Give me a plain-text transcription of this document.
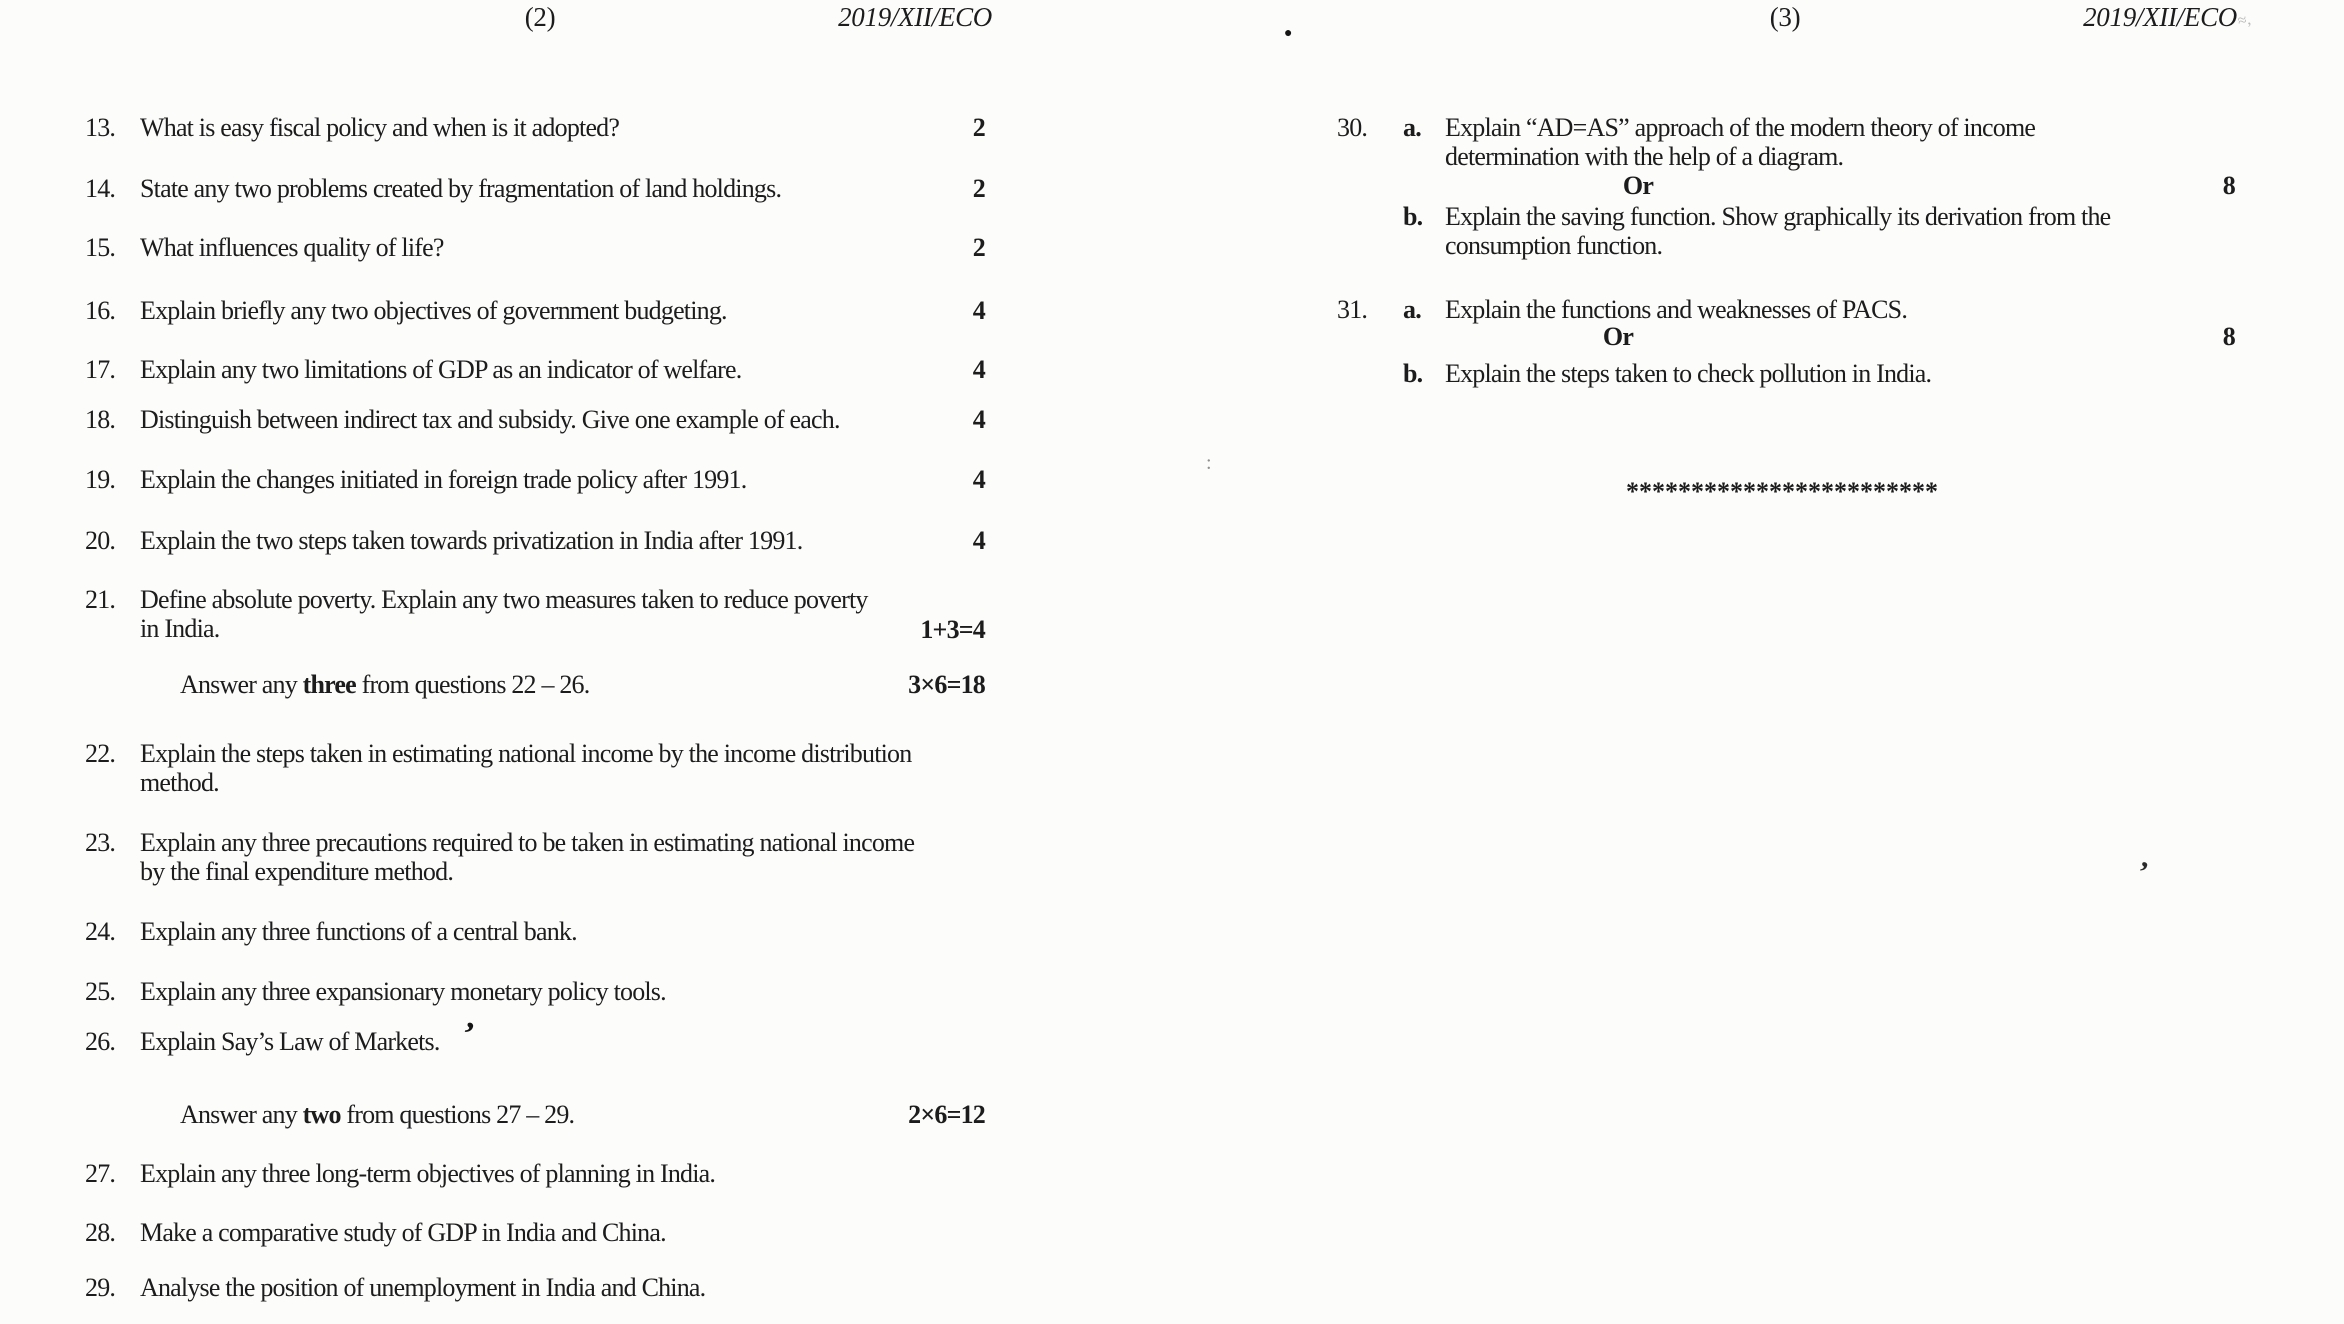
(2)	2019/XII/ECO
13. What is easy fiscal policy and when is it adopted?	2
14. State any two problems created by fragmentation of land holdings.	2
15. What influences quality of life?	2
16. Explain briefly any two objectives of government budgeting.	4
17. Explain any two limitations of GDP as an indicator of welfare.	4
18. Distinguish between indirect tax and subsidy. Give one example of each.	4
19. Explain the changes initiated in foreign trade policy after 1991.	4
20. Explain the two steps taken towards privatization in India after 1991.	4
21. Define absolute poverty. Explain any two measures taken to reduce poverty
in India.	1+3=4
Answer any three from questions 22 – 26.	3×6=18
22. Explain the steps taken in estimating national income by the income distribution
method.
23. Explain any three precautions required to be taken in estimating national income
by the final expenditure method.
24. Explain any three functions of a central bank.
25. Explain any three expansionary monetary policy tools.
26. Explain Say’s Law of Markets.
Answer any two from questions 27 – 29.	2×6=12
27. Explain any three long-term objectives of planning in India.
28. Make a comparative study of GDP in India and China.
29. Analyse the position of unemployment in India and China.
(3)	2019/XII/ECO
30.	a. Explain “AD=AS” approach of the modern theory of income
determination with the help of a diagram.
Or	8
b. Explain the saving function. Show graphically its derivation from the
consumption function.
31.	a. Explain the functions and weaknesses of PACS.
Or	8
b. Explain the steps taken to check pollution in India.
************************
●
’
’
:
≈,
